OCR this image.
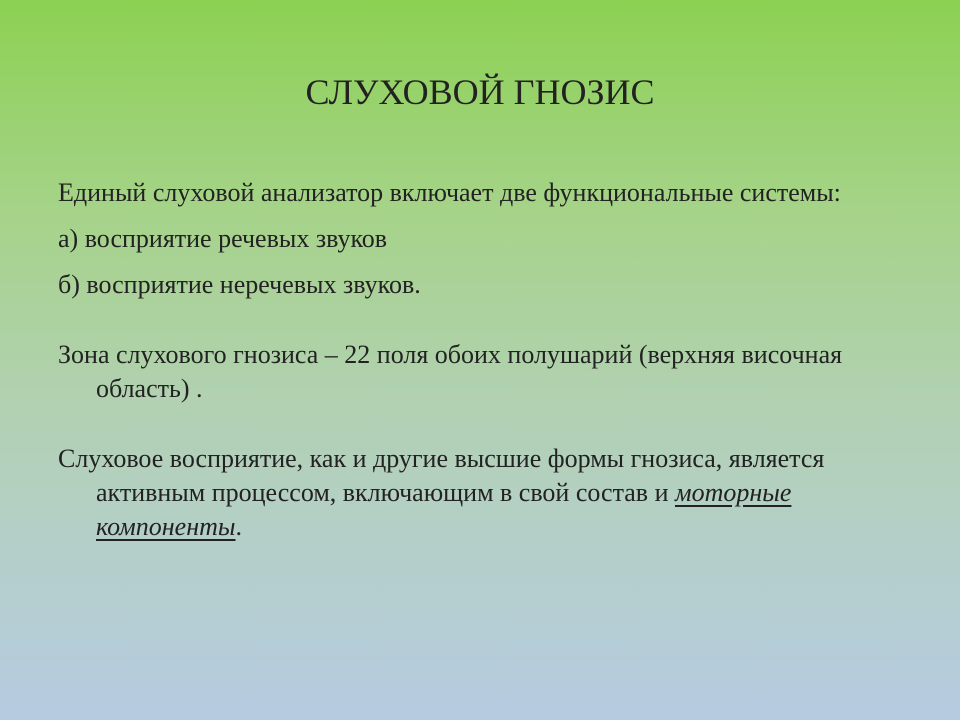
СЛУХОВОЙ ГНОЗИС

Единый слуховой анализатор включает две функциональные системы:

а) восприятие речевых звуков

б) восприятие неречевых звуков.

Зона слухового гнозиса – 22 поля обоих полушарий (верхняя височная область) .

Слуховое восприятие, как и другие высшие формы гнозиса, является активным процессом, включающим в свой состав и моторные компоненты.
